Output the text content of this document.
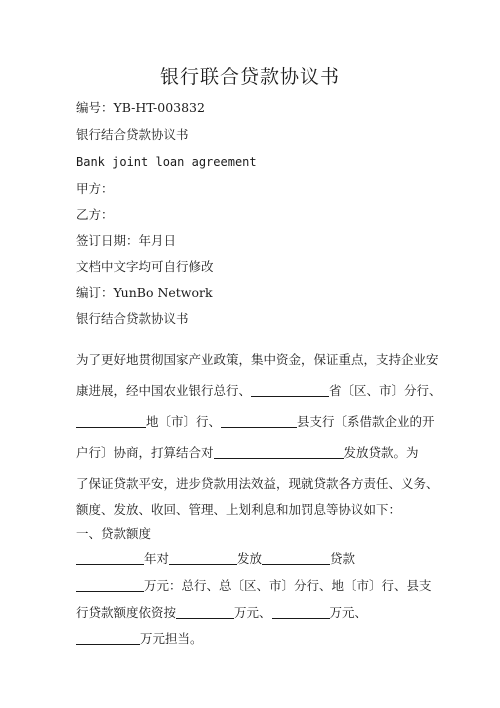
银行联合贷款协议书
编号：YB-HT-003832
银行结合贷款协议书
Bank joint loan agreement
甲方：
乙方：
签订日期：年月日
文档中文字均可自行修改
编订：YunBo Network
银行结合贷款协议书
为了更好地贯彻国家产业政策，集中资金，保证重点，支持企业安
康进展，经中国农业银行总行、	省〔区、市〕分行、
地〔市〕行、	县支行〔系借款企业的开
户行〕协商，打算结合对	发放贷款。为
了保证贷款平安，进步贷款用法效益，现就贷款各方责任、义务、
额度、发放、收回、管理、上划利息和加罚息等协议如下：
一、贷款额度
年对	发放	贷款
万元：总行、总〔区、市〕分行、地〔市〕行、县支
行贷款额度依资按	万元、	万元、
万元担当。
